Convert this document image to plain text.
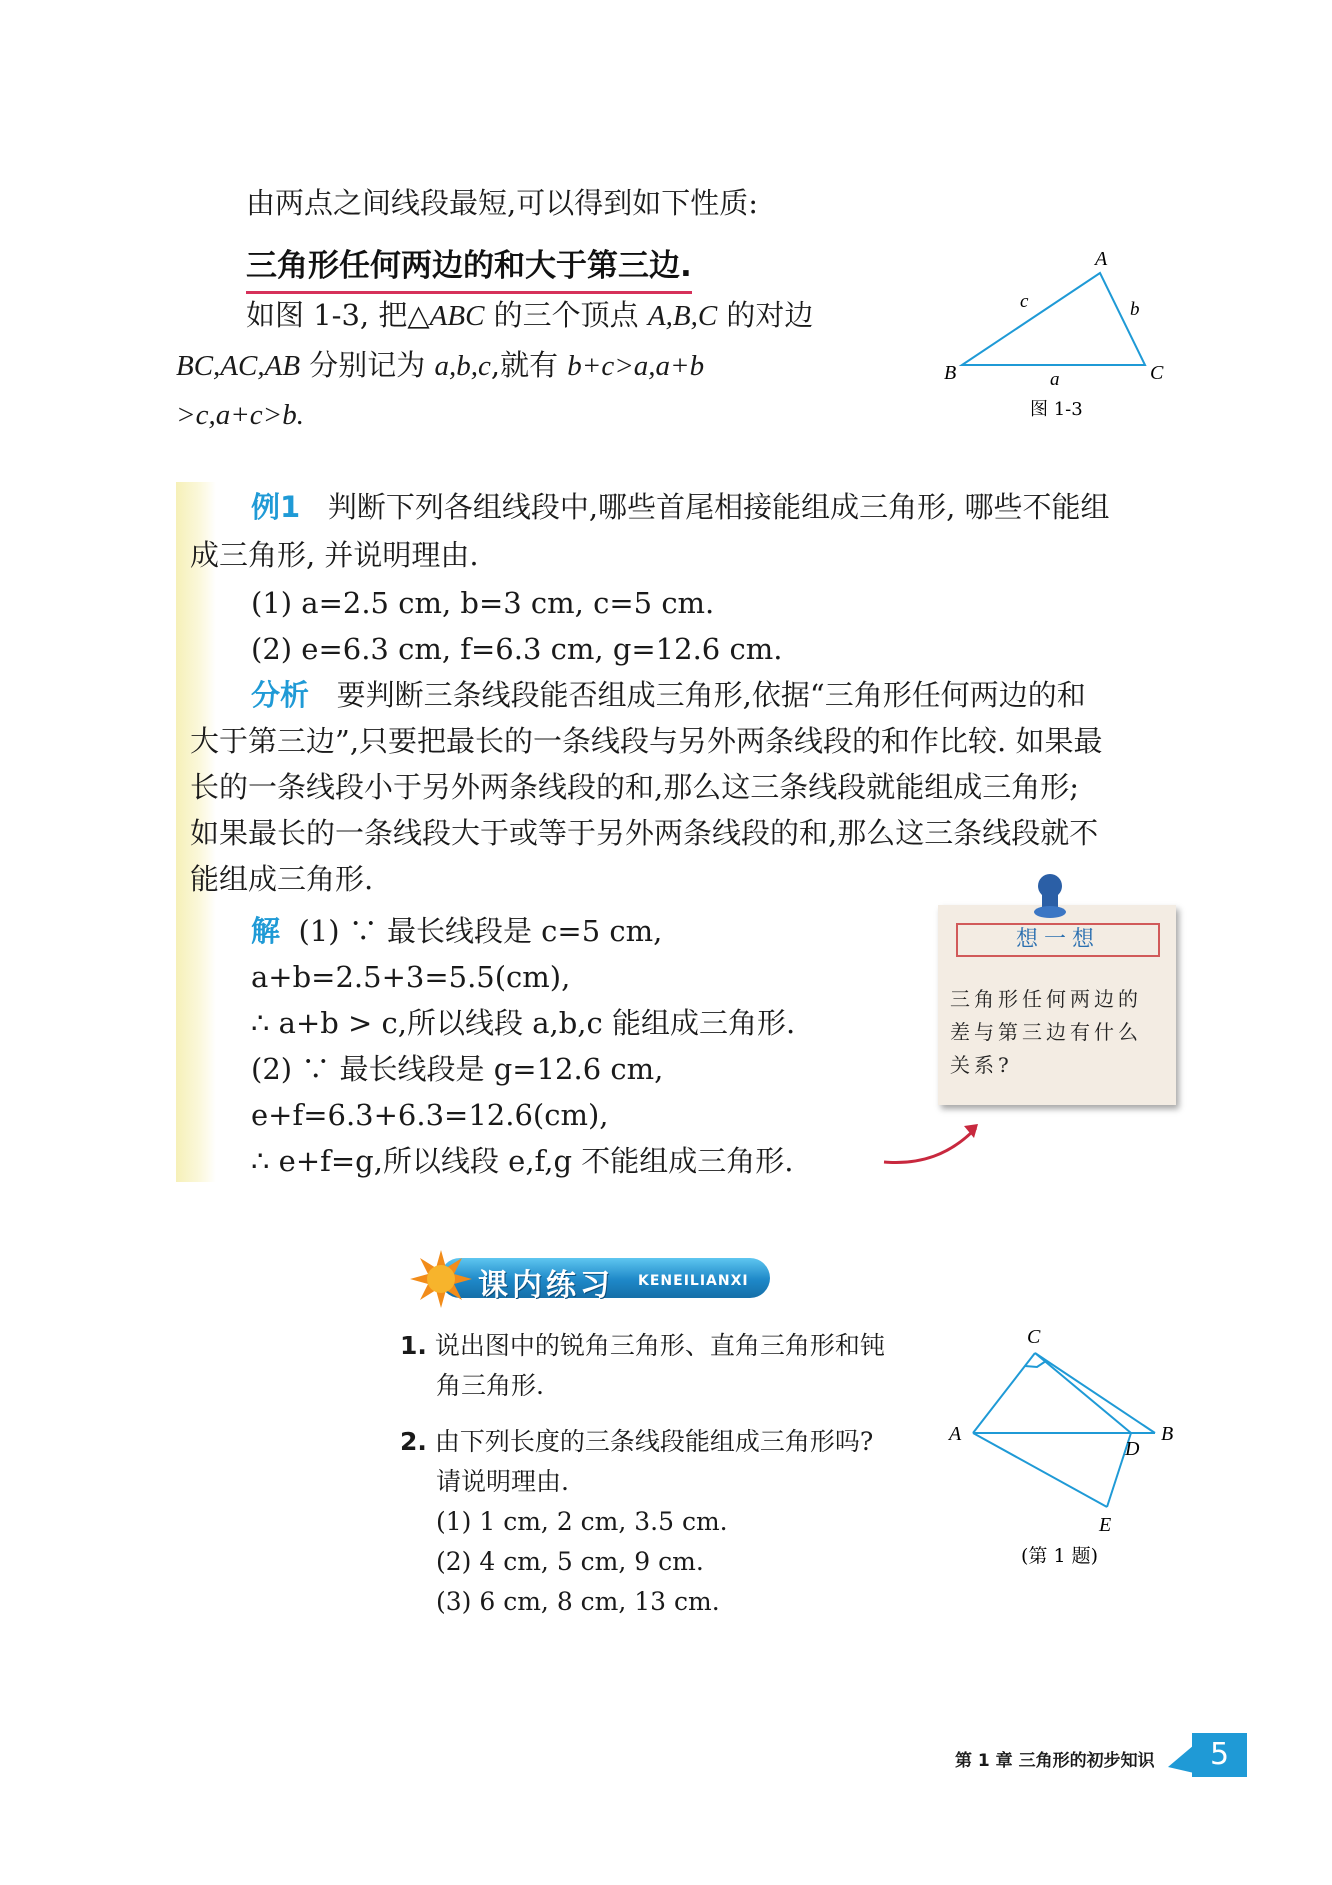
由两点之间线段最短,可以得到如下性质:
三角形任何两边的和大于第三边.
如图 1-3, 把△ABC 的三个顶点 A,B,C 的对边
BC,AC,AB 分别记为 a,b,c,就有 b+c>a,a+b
>c,a+c>b.
A
B	C
a
b
c
图 1-3
例1 判断下列各组线段中,哪些首尾相接能组成三角形, 哪些不能组
成三角形, 并说明理由.
(1) a=2.5 cm, b=3 cm, c=5 cm.
(2) e=6.3 cm, f=6.3 cm, g=12.6 cm.
分析 要判断三条线段能否组成三角形,依据“三角形任何两边的和
大于第三边”,只要把最长的一条线段与另外两条线段的和作比较. 如果最
长的一条线段小于另外两条线段的和,那么这三条线段就能组成三角形;
如果最长的一条线段大于或等于另外两条线段的和,那么这三条线段就不
能组成三角形.
解 (1) ∵ 最长线段是 c=5 cm,
a+b=2.5+3=5.5(cm),
∴ a+b > c,所以线段 a,b,c 能组成三角形.
(2) ∵ 最长线段是 g=12.6 cm,
e+f=6.3+6.3=12.6(cm),
∴ e+f=g,所以线段 e,f,g 不能组成三角形.
想一想
三角形任何两边的差与第三边有什么关系?
课内练习 KENEILIANXI
1. 说出图中的锐角三角形、直角三角形和钝
角三角形.
2. 由下列长度的三条线段能组成三角形吗?
请说明理由.
(1) 1 cm, 2 cm, 3.5 cm.
(2) 4 cm, 5 cm, 9 cm.
(3) 6 cm, 8 cm, 13 cm.
C
A	B
D
E
(第 1 题)
第 1 章 三角形的初步知识	5
